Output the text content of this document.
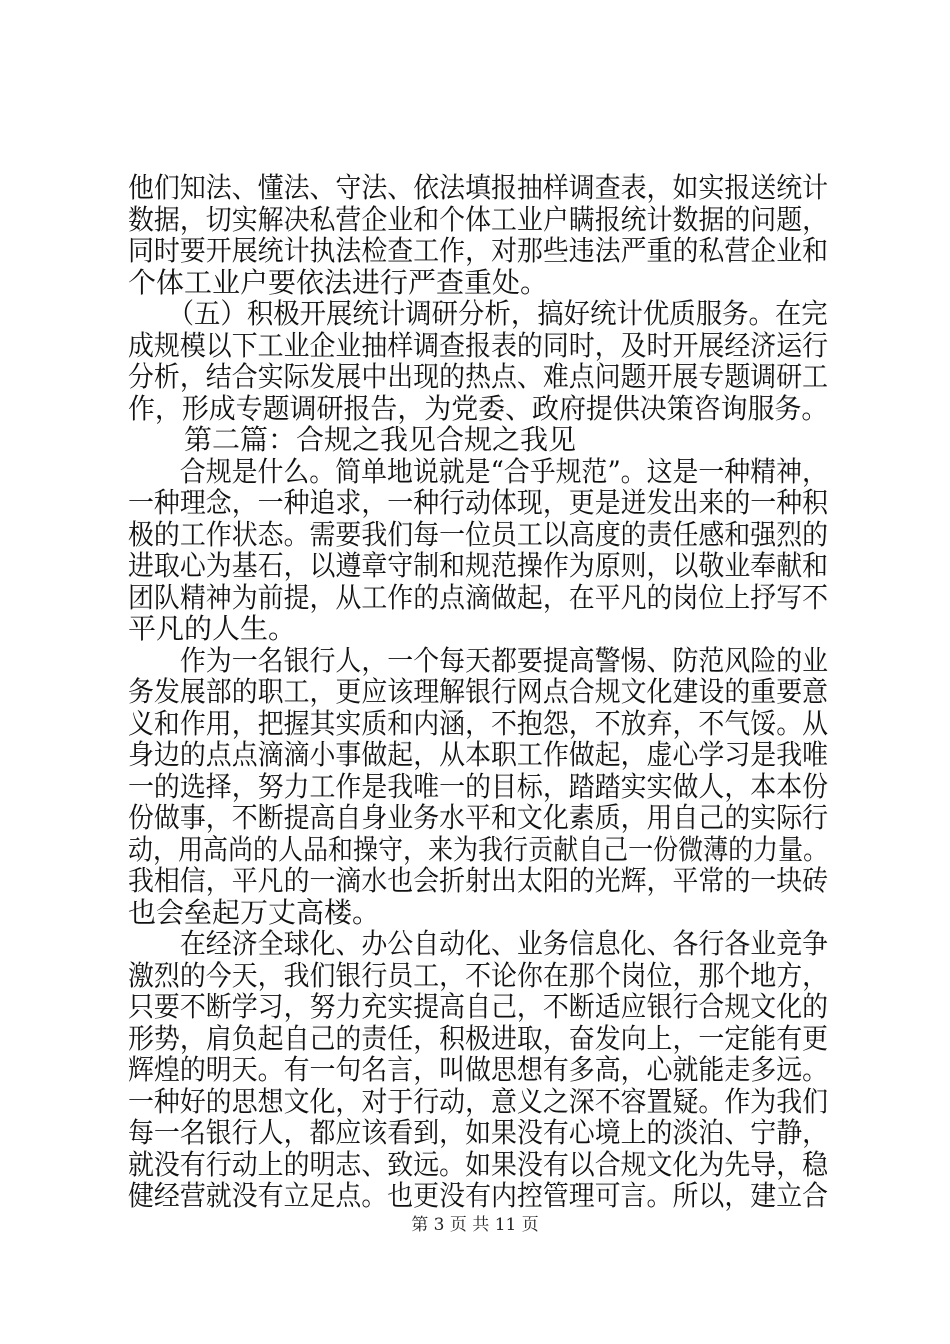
他们知法、懂法、守法、依法填报抽样调查表，如实报送统计
数据，切实解决私营企业和个体工业户瞒报统计数据的问题，
同时要开展统计执法检查工作，对那些违法严重的私营企业和
个体工业户要依法进行严查重处。
　　（五）积极开展统计调研分析，搞好统计优质服务。在完
成规模以下工业企业抽样调查报表的同时，及时开展经济运行
分析，结合实际发展中出现的热点、难点问题开展专题调研工
作，形成专题调研报告，为党委、政府提供决策咨询服务。
　　第二篇：合规之我见合规之我见
　　合规是什么。简单地说就是“合乎规范”。这是一种精神，
一种理念，一种追求，一种行动体现，更是迸发出来的一种积
极的工作状态。需要我们每一位员工以高度的责任感和强烈的
进取心为基石，以遵章守制和规范操作为原则，以敬业奉献和
团队精神为前提，从工作的点滴做起，在平凡的岗位上抒写不
平凡的人生。
　　作为一名银行人，一个每天都要提高警惕、防范风险的业
务发展部的职工，更应该理解银行网点合规文化建设的重要意
义和作用，把握其实质和内涵，不抱怨，不放弃，不气馁。从
身边的点点滴滴小事做起，从本职工作做起，虚心学习是我唯
一的选择，努力工作是我唯一的目标，踏踏实实做人，本本份
份做事，不断提高自身业务水平和文化素质，用自己的实际行
动，用高尚的人品和操守，来为我行贡献自己一份微薄的力量。
我相信，平凡的一滴水也会折射出太阳的光辉，平常的一块砖
也会垒起万丈高楼。
　　在经济全球化、办公自动化、业务信息化、各行各业竞争
激烈的今天，我们银行员工，不论你在那个岗位，那个地方，
只要不断学习，努力充实提高自己，不断适应银行合规文化的
形势，肩负起自己的责任，积极进取，奋发向上，一定能有更
辉煌的明天。有一句名言，叫做思想有多高，心就能走多远。
一种好的思想文化，对于行动，意义之深不容置疑。作为我们
每一名银行人，都应该看到，如果没有心境上的淡泊、宁静，
第 3 页 共 11 页
就没有行动上的明志、致远。如果没有以合规文化为先导，稳
健经营就没有立足点。也更没有内控管理可言。所以，建立合
